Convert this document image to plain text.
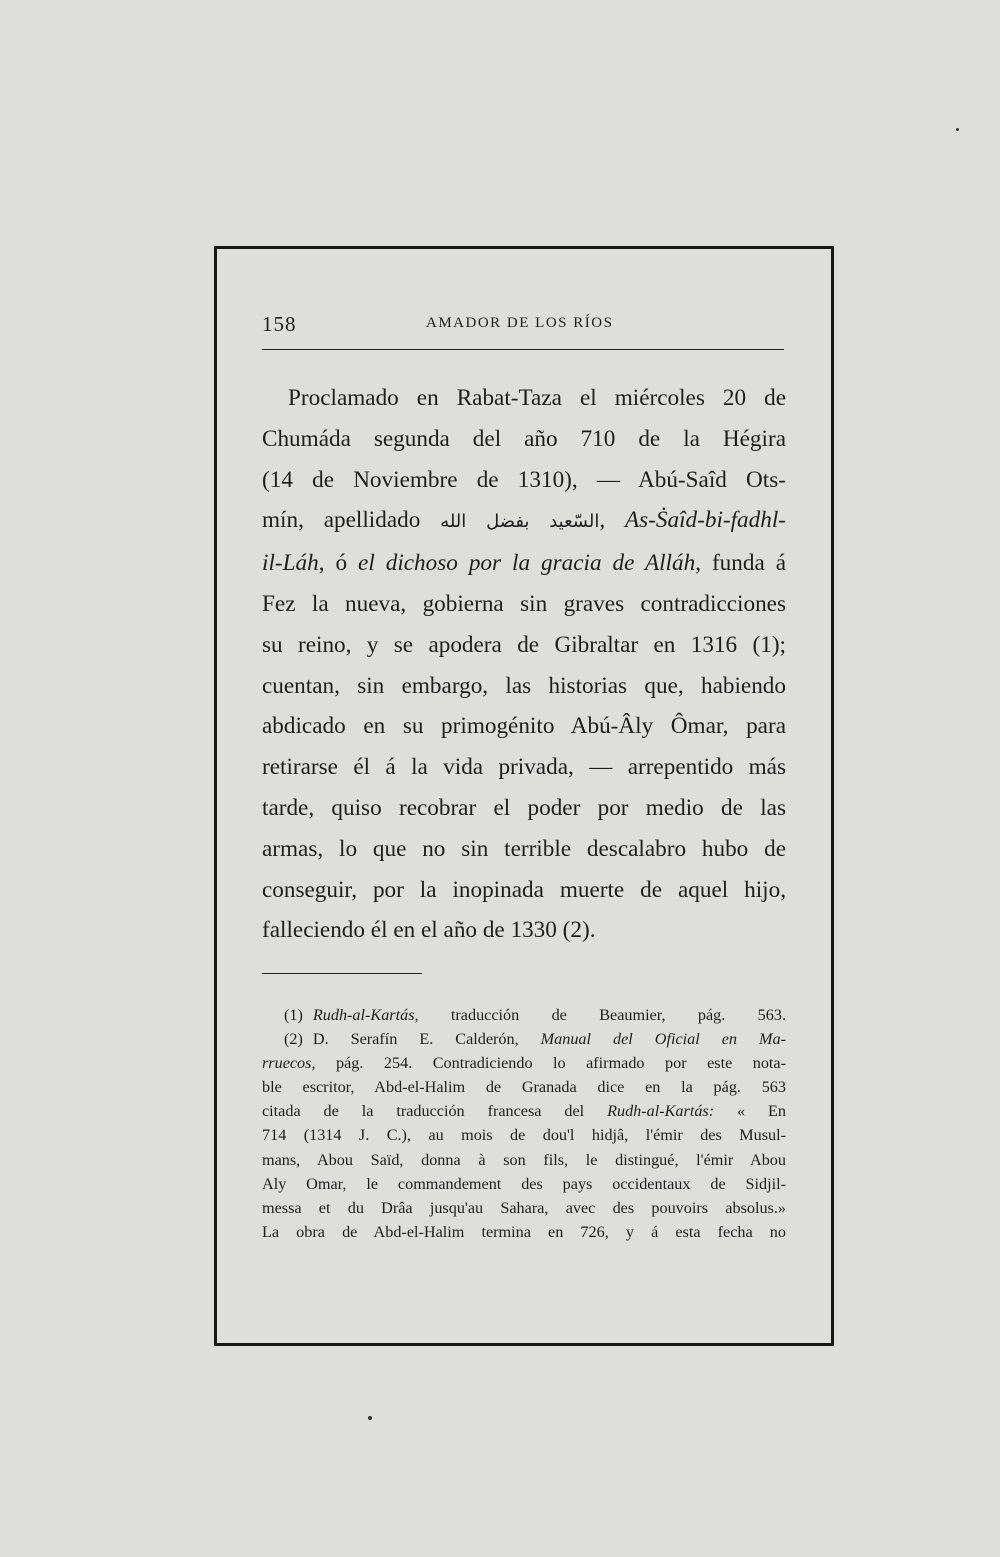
158	AMADOR DE LOS RÍOS
Proclamado en Rabat-Taza el miércoles 20 de
Chumáda segunda del año 710 de la Hégira
(14 de Noviembre de 1310), — Abú-Saîd Ots-
mín, apellidado السّعيد بفضل الله, As-Ṡaîd-bi-fadhl-
il-Láh, ó el dichoso por la gracia de Alláh, funda á
Fez la nueva, gobierna sin graves contradicciones
su reino, y se apodera de Gibraltar en 1316 (1);
cuentan, sin embargo, las historias que, habiendo
abdicado en su primogénito Abú-Âly Ômar, para
retirarse él á la vida privada, — arrepentido más
tarde, quiso recobrar el poder por medio de las
armas, lo que no sin terrible descalabro hubo de
conseguir, por la inopinada muerte de aquel hijo,
falleciendo él en el año de 1330 (2).
(1) Rudh-al-Kartás, traducción de Beaumier, pág. 563.
(2) D. Serafín E. Calderón, Manual del Oficial en Ma-
rruecos, pág. 254. Contradiciendo lo afirmado por este nota-
ble escritor, Abd-el-Halim de Granada dice en la pág. 563
citada de la traducción francesa del Rudh-al-Kartás: « En
714 (1314 J. C.), au mois de dou'l hidjâ, l'émir des Musul-
mans, Abou Saïd, donna à son fils, le distingué, l'émir Abou
Aly Omar, le commandement des pays occidentaux de Sidjil-
messa et du Drâa jusqu'au Sahara, avec des pouvoirs absolus.»
La obra de Abd-el-Halim termina en 726, y á esta fecha no
